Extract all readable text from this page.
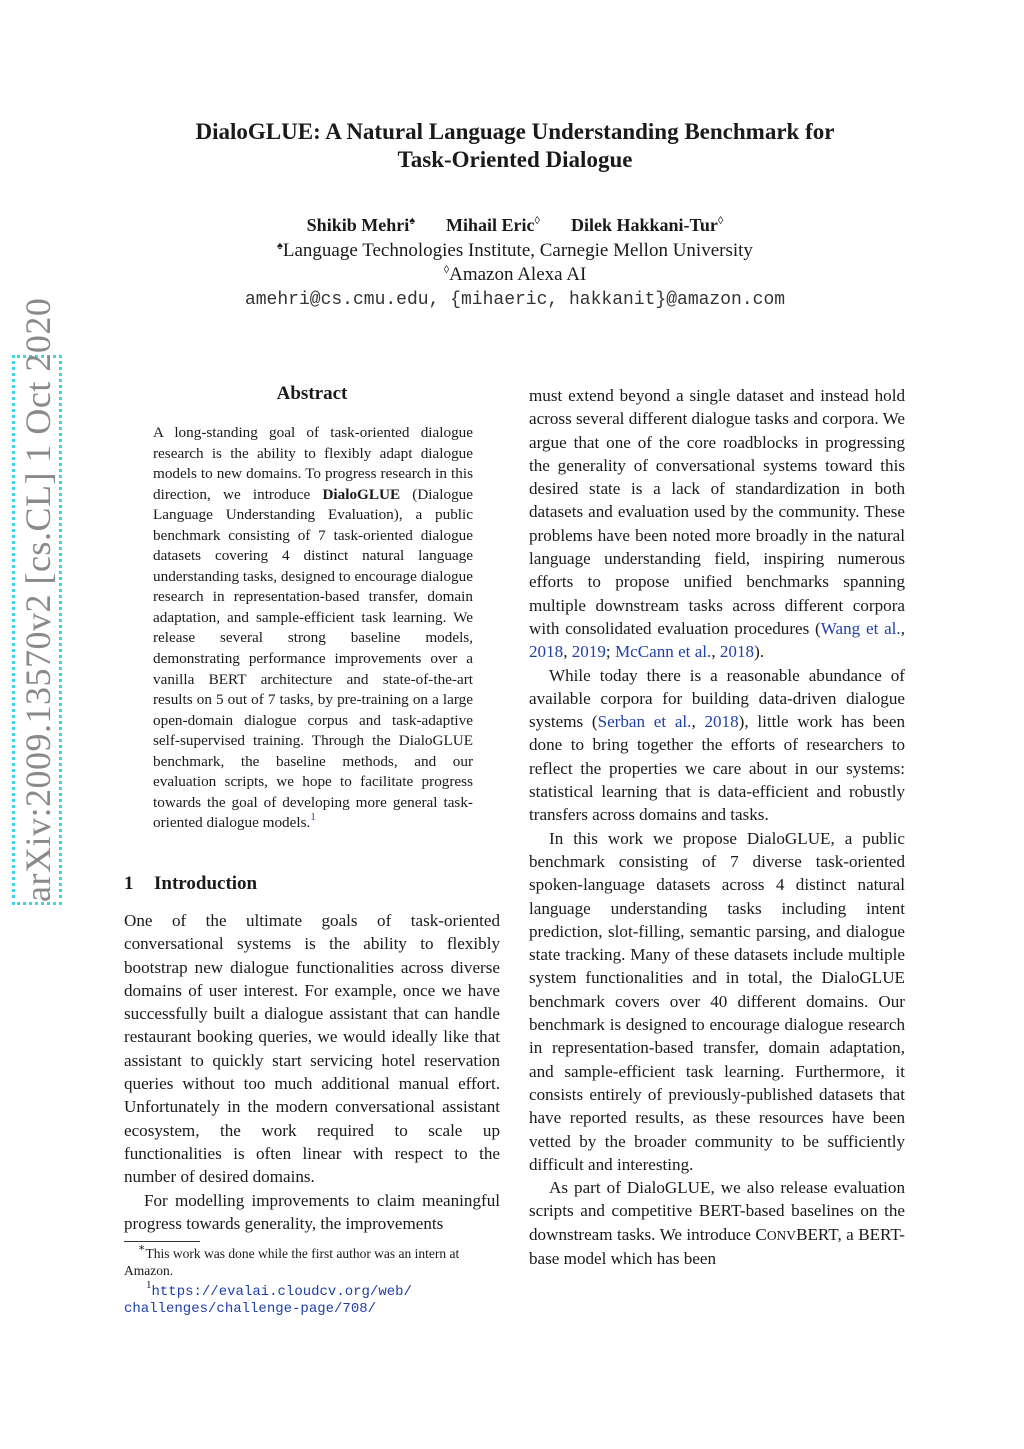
DialoGLUE: A Natural Language Understanding Benchmark for
Task-Oriented Dialogue
Shikib Mehri♠ Mihail Eric◊ Dilek Hakkani-Tur◊
♠Language Technologies Institute, Carnegie Mellon University
◊Amazon Alexa AI
amehri@cs.cmu.edu, {mihaeric, hakkanit}@amazon.com
arXiv:2009.13570v2 [cs.CL] 1 Oct 2020	Abstract
A long-standing goal of task-oriented dialogue research is the ability to flexibly adapt dialogue models to new domains. To progress research in this direction, we introduce DialoGLUE (Dialogue Language Understanding Evaluation), a public benchmark consisting of 7 task-oriented dialogue datasets covering 4 distinct natural language understanding tasks, designed to encourage dialogue research in representation-based transfer, domain adaptation, and sample-efficient task learning. We release several strong baseline models, demonstrating performance improvements over a vanilla BERT architecture and state-of-the-art results on 5 out of 7 tasks, by pre-training on a large open-domain dialogue corpus and task-adaptive self-supervised training. Through the DialoGLUE benchmark, the baseline methods, and our evaluation scripts, we hope to facilitate progress towards the goal of developing more general task-oriented dialogue models.$^1$
1 Introduction

One of the ultimate goals of task-oriented conversational systems is the ability to flexibly bootstrap new dialogue functionalities across diverse domains of user interest. For example, once we have successfully built a dialogue assistant that can handle restaurant booking queries, we would ideally like that assistant to quickly start servicing hotel reservation queries without too much additional manual effort. Unfortunately in the modern conversational assistant ecosystem, the work required to scale up functionalities is often linear with respect to the number of desired domains.

For modelling improvements to claim meaningful progress towards generality, the improvements

∗This work was done while the first author was an intern at Amazon.
$^1$https://evalai.cloudcv.org/web/
challenges/challenge-page/708/

must extend beyond a single dataset and instead hold across several different dialogue tasks and corpora. We argue that one of the core roadblocks in progressing the generality of conversational systems toward this desired state is a lack of standardization in both datasets and evaluation used by the community. These problems have been noted more broadly in the natural language understanding field, inspiring numerous efforts to propose unified benchmarks spanning multiple downstream tasks across different corpora with consolidated evaluation procedures (Wang et al., 2018, 2019; McCann et al., 2018).

While today there is a reasonable abundance of available corpora for building data-driven dialogue systems (Serban et al., 2018), little work has been done to bring together the efforts of researchers to reflect the properties we care about in our systems: statistical learning that is data-efficient and robustly transfers across domains and tasks.

In this work we propose DialoGLUE, a public benchmark consisting of 7 diverse task-oriented spoken-language datasets across 4 distinct natural language understanding tasks including intent prediction, slot-filling, semantic parsing, and dialogue state tracking. Many of these datasets include multiple system functionalities and in total, the DialoGLUE benchmark covers over 40 different domains. Our benchmark is designed to encourage dialogue research in representation-based transfer, domain adaptation, and sample-efficient task learning. Furthermore, it consists entirely of previously-published datasets that have reported results, as these resources have been vetted by the broader community to be sufficiently difficult and interesting.

As part of DialoGLUE, we also release evaluation scripts and competitive BERT-based baselines on the downstream tasks. We introduce CONVBERT, a BERT-base model which has been
